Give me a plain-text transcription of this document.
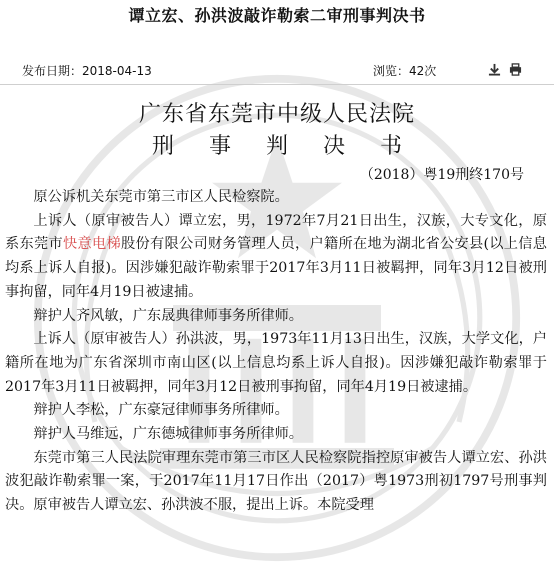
谭立宏、孙洪波敲诈勒索二审刑事判决书
发布日期：2018-04-13	浏览：42次
广东省东莞市中级人民法院
刑 事 判 决 书
（2018）粤19刑终170号

原公诉机关东莞市第三市区人民检察院。

上诉人（原审被告人）谭立宏，男，1972年7月21日出生，汉族，大专文化，原系东莞市快意电梯股份有限公司财务管理人员，户籍所在地为湖北省公安县(以上信息均系上诉人自报)。因涉嫌犯敲诈勒索罪于2017年3月11日被羁押，同年3月12日被刑事拘留，同年4月19日被逮捕。

辩护人齐风敏，广东晟典律师事务所律师。

上诉人（原审被告人）孙洪波，男，1973年11月13日出生，汉族，大学文化，户籍所在地为广东省深圳市南山区(以上信息均系上诉人自报)。因涉嫌犯敲诈勒索罪于2017年3月11日被羁押，同年3月12日被刑事拘留，同年4月19日被逮捕。

辩护人李松，广东豪冠律师事务所律师。

辩护人马维远，广东德城律师事务所律师。

东莞市第三人民法院审理东莞市第三市区人民检察院指控原审被告人谭立宏、孙洪波犯敲诈勒索罪一案，于2017年11月17日作出（2017）粤1973刑初1797号刑事判决。原审被告人谭立宏、孙洪波不服，提出上诉。本院受理
